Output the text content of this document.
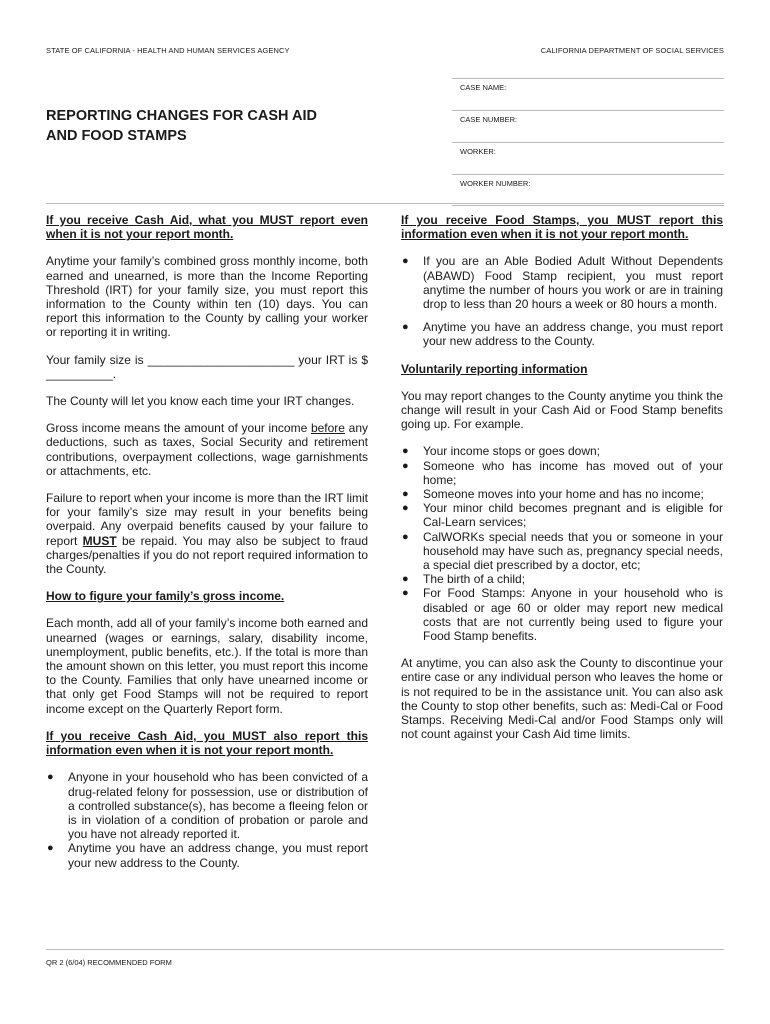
STATE OF CALIFORNIA - HEALTH AND HUMAN SERVICES AGENCY	CALIFORNIA DEPARTMENT OF SOCIAL SERVICES
REPORTING CHANGES FOR CASH AID
AND FOOD STAMPS
CASE NAME:
CASE NUMBER:
WORKER:
WORKER NUMBER:

If you receive Cash Aid, what you MUST report even when it is not your report month.

Anytime your family’s combined gross monthly income, both earned and unearned, is more than the Income Reporting Threshold (IRT) for your family size, you must report this information to the County within ten (10) days. You can report this information to the County by calling your worker or reporting it in writing.

Your family size is ______________________ your IRT is $ __________.

The County will let you know each time your IRT changes.

Gross income means the amount of your income before any deductions, such as taxes, Social Security and retirement contributions, overpayment collections, wage garnishments or attachments, etc.

Failure to report when your income is more than the IRT limit for your family’s size may result in your benefits being overpaid. Any overpaid benefits caused by your failure to report MUST be repaid. You may also be subject to fraud charges/penalties if you do not report required information to the County.

How to figure your family’s gross income.

Each month, add all of your family’s income both earned and unearned (wages or earnings, salary, disability income, unemployment, public benefits, etc.). If the total is more than the amount shown on this letter, you must report this income to the County. Families that only have unearned income or that only get Food Stamps will not be required to report income except on the Quarterly Report form.

If you receive Cash Aid, you MUST also report this information even when it is not your report month.

● Anyone in your household who has been convicted of a drug-related felony for possession, use or distribution of a controlled substance(s), has become a fleeing felon or is in violation of a condition of probation or parole and you have not already reported it.
● Anytime you have an address change, you must report your new address to the County.

If you receive Food Stamps, you MUST report this information even when it is not your report month.

● If you are an Able Bodied Adult Without Dependents (ABAWD) Food Stamp recipient, you must report anytime the number of hours you work or are in training drop to less than 20 hours a week or 80 hours a month.
● Anytime you have an address change, you must report your new address to the County.

Voluntarily reporting information

You may report changes to the County anytime you think the change will result in your Cash Aid or Food Stamp benefits going up. For example.

● Your income stops or goes down;
● Someone who has income has moved out of your home;
● Someone moves into your home and has no income;
● Your minor child becomes pregnant and is eligible for Cal-Learn services;
● CalWORKs special needs that you or someone in your household may have such as, pregnancy special needs, a special diet prescribed by a doctor, etc;
● The birth of a child;
● For Food Stamps: Anyone in your household who is disabled or age 60 or older may report new medical costs that are not currently being used to figure your Food Stamp benefits.

At anytime, you can also ask the County to discontinue your entire case or any individual person who leaves the home or is not required to be in the assistance unit. You can also ask the County to stop other benefits, such as: Medi-Cal or Food Stamps. Receiving Medi-Cal and/or Food Stamps only will not count against your Cash Aid time limits.

QR 2 (6/04) RECOMMENDED FORM
